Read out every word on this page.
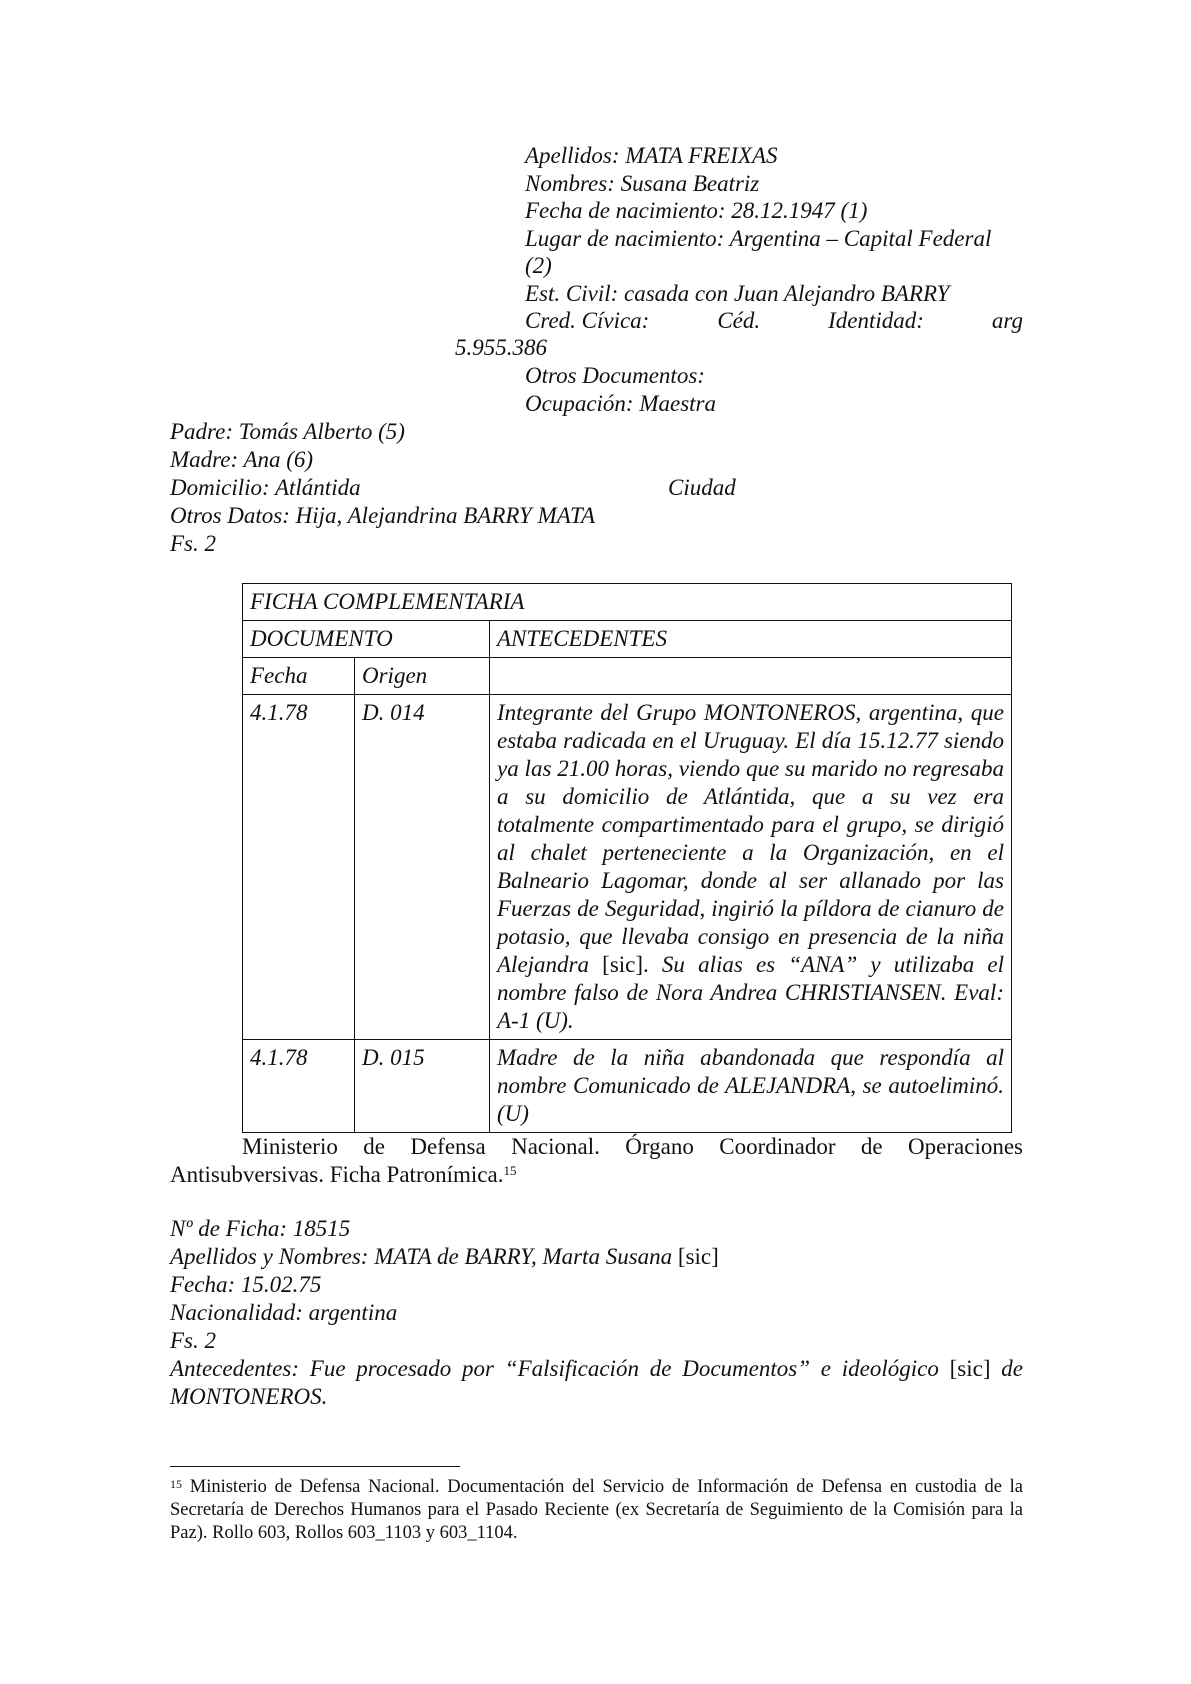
Apellidos: MATA FREIXAS
Nombres: Susana Beatriz
Fecha de nacimiento: 28.12.1947 (1)
Lugar de nacimiento: Argentina – Capital Federal
(2)
Est. Civil: casada con Juan Alejandro BARRY
Cred. Cívica:	Céd.	Identidad:	arg
5.955.386
Otros Documentos:
Ocupación: Maestra
Padre: Tomás Alberto (5)
Madre: Ana (6)
Domicilio: Atlántida	Ciudad
Otros Datos: Hija, Alejandrina BARRY MATA
Fs. 2
FICHA COMPLEMENTARIA		
DOCUMENTO		ANTECEDENTES
Fecha	Origen	
4.1.78	D. 014	Integrante del Grupo MONTONEROS, argentina, que estaba radicada en el Uruguay. El día 15.12.77 siendo ya las 21.00 horas, viendo que su marido no regresaba a su domicilio de Atlántida, que a su vez era totalmente compartimentado para el grupo, se dirigió al chalet perteneciente a la Organización, en el Balneario Lagomar, donde al ser allanado por las Fuerzas de Seguridad, ingirió la píldora de cianuro de potasio, que llevaba consigo en presencia de la niña Alejandra [sic]. Su alias es “ANA” y utilizaba el nombre falso de Nora Andrea CHRISTIANSEN. Eval: A-1 (U).
4.1.78	D. 015	Madre de la niña abandonada que respondía al nombre Comunicado de ALEJANDRA, se autoeliminó. (U)
Ministerio de Defensa Nacional. Órgano Coordinador de Operaciones Antisubversivas. Ficha Patronímica.$^{15}$
Nº de Ficha: 18515
Apellidos y Nombres: MATA de BARRY, Marta Susana [sic]
Fecha: 15.02.75
Nacionalidad: argentina
Fs. 2
Antecedentes: Fue procesado por “Falsificación de Documentos” e ideológico [sic] de MONTONEROS.
$^{15}$ Ministerio de Defensa Nacional. Documentación del Servicio de Información de Defensa en custodia de la Secretaría de Derechos Humanos para el Pasado Reciente (ex Secretaría de Seguimiento de la Comisión para la Paz). Rollo 603, Rollos 603_1103 y 603_1104.
